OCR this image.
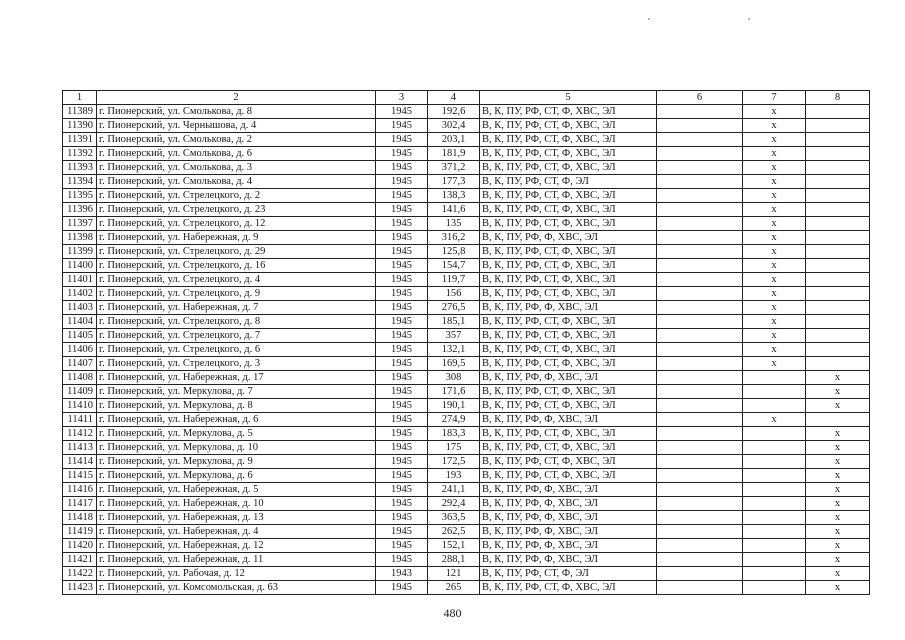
1	2	3	4	5	6	7	8
11389	г. Пионерский, ул. Смолькова, д. 8	1945	192,6	В, К, ПУ, РФ, СТ, Ф, ХВС, ЭЛ		x	
11390	г. Пионерский, ул. Чернышова, д. 4	1945	302,4	В, К, ПУ, РФ, СТ, Ф, ХВС, ЭЛ		x	
11391	г. Пионерский, ул. Смолькова, д. 2	1945	203,1	В, К, ПУ, РФ, СТ, Ф, ХВС, ЭЛ		x	
11392	г. Пионерский, ул. Смолькова, д. 6	1945	181,9	В, К, ПУ, РФ, СТ, Ф, ХВС, ЭЛ		x	
11393	г. Пионерский, ул. Смолькова, д. 3	1945	371,2	В, К, ПУ, РФ, СТ, Ф, ХВС, ЭЛ		x	
11394	г. Пионерский, ул. Смолькова, д. 4	1945	177,3	В, К, ПУ, РФ, СТ, Ф, ЭЛ		x	
11395	г. Пионерский, ул. Стрелецкого, д. 2	1945	138,3	В, К, ПУ, РФ, СТ, Ф, ХВС, ЭЛ		x	
11396	г. Пионерский, ул. Стрелецкого, д. 23	1945	141,6	В, К, ПУ, РФ, СТ, Ф, ХВС, ЭЛ		x	
11397	г. Пионерский, ул. Стрелецкого, д. 12	1945	135	В, К, ПУ, РФ, СТ, Ф, ХВС, ЭЛ		x	
11398	г. Пионерский, ул. Набережная, д. 9	1945	316,2	В, К, ПУ, РФ, Ф, ХВС, ЭЛ		x	
11399	г. Пионерский, ул. Стрелецкого, д. 29	1945	125,8	В, К, ПУ, РФ, СТ, Ф, ХВС, ЭЛ		x	
11400	г. Пионерский, ул. Стрелецкого, д. 16	1945	154,7	В, К, ПУ, РФ, СТ, Ф, ХВС, ЭЛ		x	
11401	г. Пионерский, ул. Стрелецкого, д. 4	1945	119,7	В, К, ПУ, РФ, СТ, Ф, ХВС, ЭЛ		x	
11402	г. Пионерский, ул. Стрелецкого, д. 9	1945	156	В, К, ПУ, РФ, СТ, Ф, ХВС, ЭЛ		x	
11403	г. Пионерский, ул. Набережная, д. 7	1945	276,5	В, К, ПУ, РФ, Ф, ХВС, ЭЛ		x	
11404	г. Пионерский, ул. Стрелецкого, д. 8	1945	185,1	В, К, ПУ, РФ, СТ, Ф, ХВС, ЭЛ		x	
11405	г. Пионерский, ул. Стрелецкого, д. 7	1945	357	В, К, ПУ, РФ, СТ, Ф, ХВС, ЭЛ		x	
11406	г. Пионерский, ул. Стрелецкого, д. 6	1945	132,1	В, К, ПУ, РФ, СТ, Ф, ХВС, ЭЛ		x	
11407	г. Пионерский, ул. Стрелецкого, д. 3	1945	169,5	В, К, ПУ, РФ, СТ, Ф, ХВС, ЭЛ		x	
11408	г. Пионерский, ул. Набережная, д. 17	1945	308	В, К, ПУ, РФ, Ф, ХВС, ЭЛ			x
11409	г. Пионерский, ул. Меркулова, д. 7	1945	171,6	В, К, ПУ, РФ, СТ, Ф, ХВС, ЭЛ			x
11410	г. Пионерский, ул. Меркулова, д. 8	1945	190,1	В, К, ПУ, РФ, СТ, Ф, ХВС, ЭЛ			x
11411	г. Пионерский, ул. Набережная, д. 6	1945	274,9	В, К, ПУ, РФ, Ф, ХВС, ЭЛ		x	
11412	г. Пионерский, ул. Меркулова, д. 5	1945	183,3	В, К, ПУ, РФ, СТ, Ф, ХВС, ЭЛ			x
11413	г. Пионерский, ул. Меркулова, д. 10	1945	175	В, К, ПУ, РФ, СТ, Ф, ХВС, ЭЛ			x
11414	г. Пионерский, ул. Меркулова, д. 9	1945	172,5	В, К, ПУ, РФ, СТ, Ф, ХВС, ЭЛ			x
11415	г. Пионерский, ул. Меркулова, д. 6	1945	193	В, К, ПУ, РФ, СТ, Ф, ХВС, ЭЛ			x
11416	г. Пионерский, ул. Набережная, д. 5	1945	241,1	В, К, ПУ, РФ, Ф, ХВС, ЭЛ			x
11417	г. Пионерский, ул. Набережная, д. 10	1945	292,4	В, К, ПУ, РФ, Ф, ХВС, ЭЛ			x
11418	г. Пионерский, ул. Набережная, д. 13	1945	363,5	В, К, ПУ, РФ, Ф, ХВС, ЭЛ			x
11419	г. Пионерский, ул. Набережная, д. 4	1945	262,5	В, К, ПУ, РФ, Ф, ХВС, ЭЛ			x
11420	г. Пионерский, ул. Набережная, д. 12	1945	152,1	В, К, ПУ, РФ, Ф, ХВС, ЭЛ			x
11421	г. Пионерский, ул. Набережная, д. 11	1945	288,1	В, К, ПУ, РФ, Ф, ХВС, ЭЛ			x
11422	г. Пионерский, ул. Рабочая, д. 12	1943	121	В, К, ПУ, РФ, СТ, Ф, ЭЛ			x
11423	г. Пионерский, ул. Комсомольская, д. 63	1945	265	В, К, ПУ, РФ, СТ, Ф, ХВС, ЭЛ			x
480
